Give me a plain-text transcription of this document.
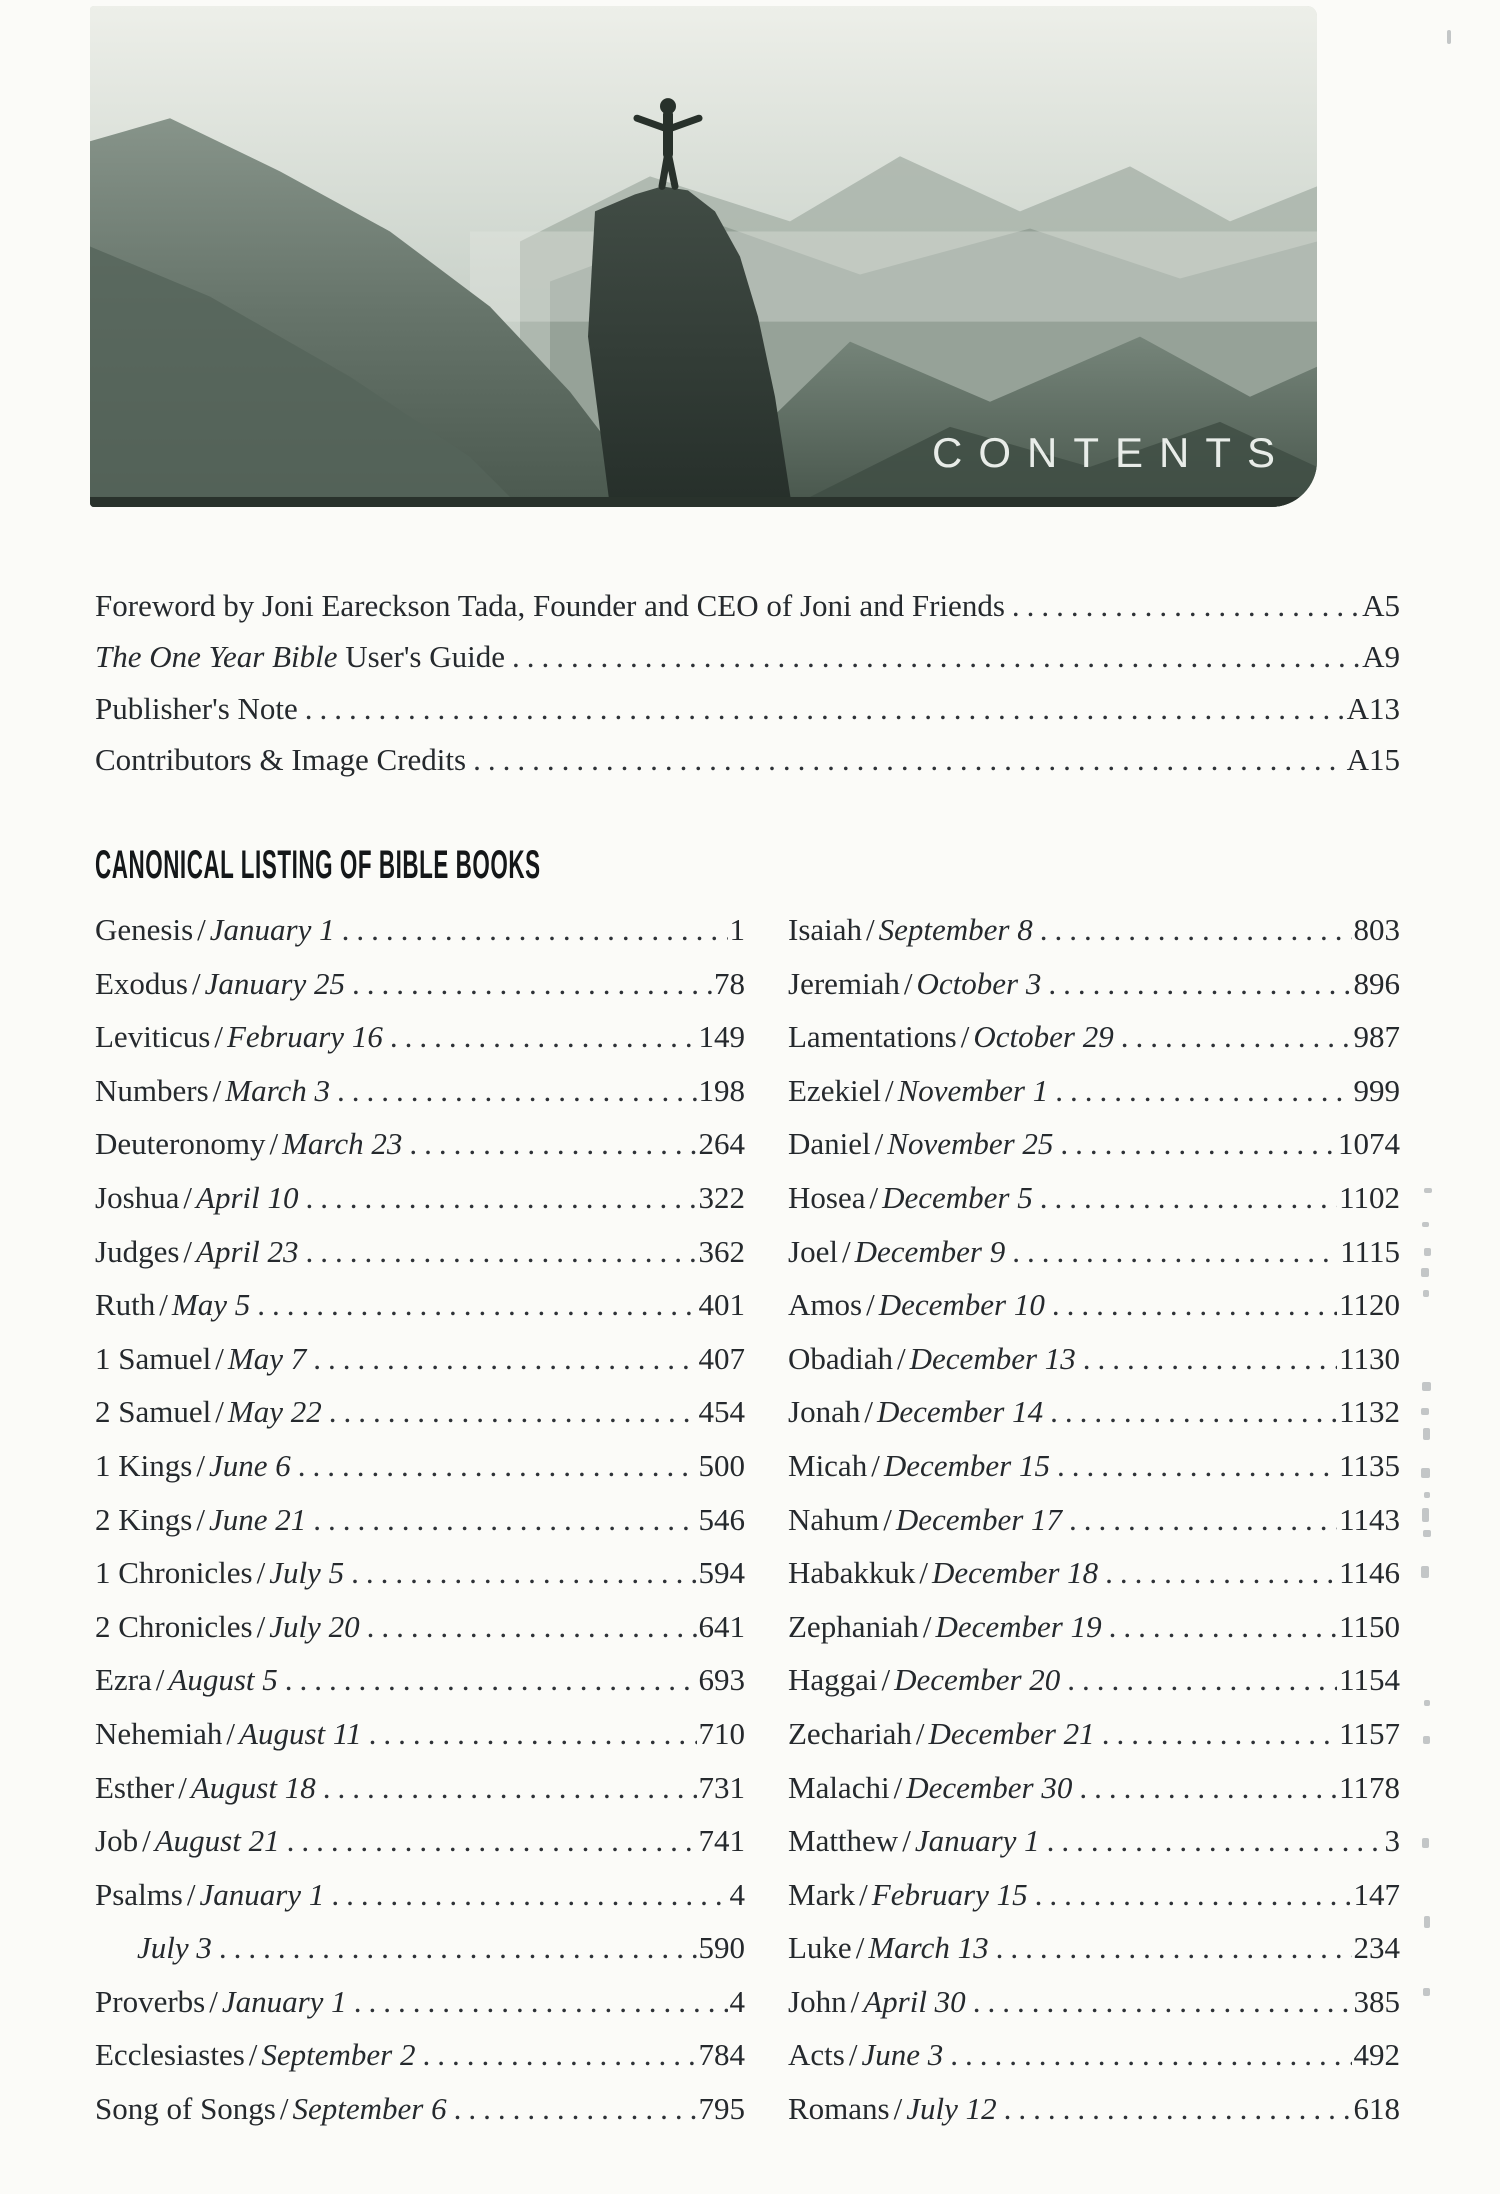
CONTENTS
Foreword by Joni Eareckson Tada, Founder and CEO of Joni and Friends .....	A5
The One Year Bible User's Guide .....	A9
Publisher's Note .....	A13
Contributors & Image Credits .....	A15
CANONICAL LISTING OF BIBLE BOOKS
Genesis / January 1 .....	1
Exodus / January 25 .....	78
Leviticus / February 16 .....	149
Numbers / March 3 .....	198
Deuteronomy / March 23 .....	264
Joshua / April 10 .....	322
Judges / April 23 .....	362
Ruth / May 5 .....	401
1 Samuel / May 7 .....	407
2 Samuel / May 22 .....	454
1 Kings / June 6 .....	500
2 Kings / June 21 .....	546
1 Chronicles / July 5 .....	594
2 Chronicles / July 20 .....	641
Ezra / August 5 .....	693
Nehemiah / August 11 .....	710
Esther / August 18 .....	731
Job / August 21 .....	741
Psalms / January 1 .....	4
July 3 .....	590
Proverbs / January 1 .....	4
Ecclesiastes / September 2 .....	784
Song of Songs / September 6 .....	795
Isaiah / September 8 .....	803
Jeremiah / October 3 .....	896
Lamentations / October 29 .....	987
Ezekiel / November 1 .....	999
Daniel / November 25 .....	1074
Hosea / December 5 .....	1102
Joel / December 9 .....	1115
Amos / December 10 .....	1120
Obadiah / December 13 .....	1130
Jonah / December 14 .....	1132
Micah / December 15 .....	1135
Nahum / December 17 .....	1143
Habakkuk / December 18 .....	1146
Zephaniah / December 19 .....	1150
Haggai / December 20 .....	1154
Zechariah / December 21 .....	1157
Malachi / December 30 .....	1178
Matthew / January 1 .....	3
Mark / February 15 .....	147
Luke / March 13 .....	234
John / April 30 .....	385
Acts / June 3 .....	492
Romans / July 12 .....	618
